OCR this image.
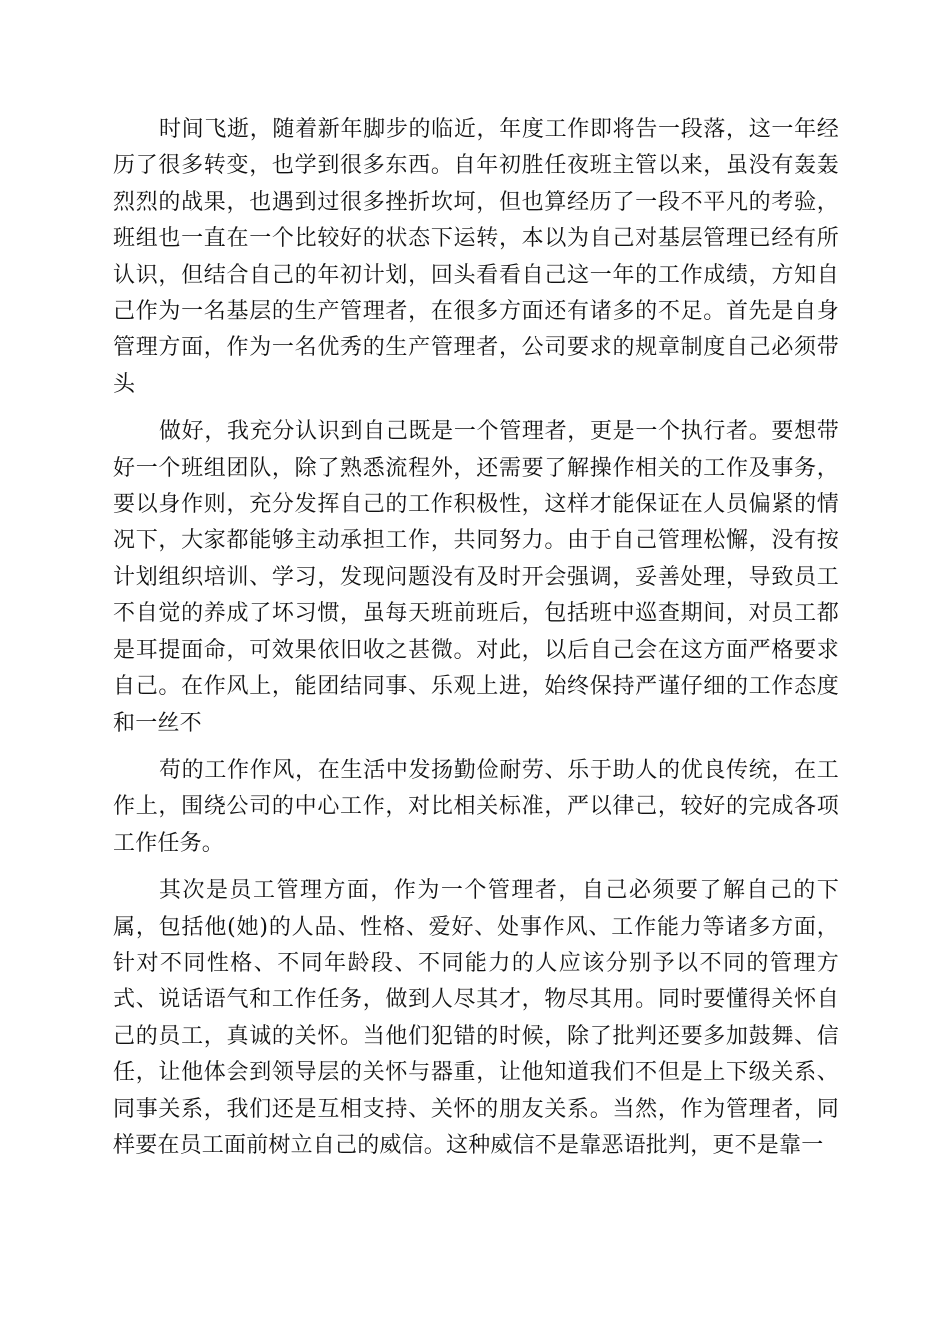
时间飞逝，随着新年脚步的临近，年度工作即将告一段落，这一年经历了很多转变，也学到很多东西。自年初胜任夜班主管以来，虽没有轰轰烈烈的战果，也遇到过很多挫折坎坷，但也算经历了一段不平凡的考验，班组也一直在一个比较好的状态下运转，本以为自己对基层管理已经有所认识，但结合自己的年初计划，回头看看自己这一年的工作成绩，方知自己作为一名基层的生产管理者，在很多方面还有诸多的不足。首先是自身管理方面，作为一名优秀的生产管理者，公司要求的规章制度自己必须带头

做好，我充分认识到自己既是一个管理者，更是一个执行者。要想带好一个班组团队，除了熟悉流程外，还需要了解操作相关的工作及事务，要以身作则，充分发挥自己的工作积极性，这样才能保证在人员偏紧的情况下，大家都能够主动承担工作，共同努力。由于自己管理松懈，没有按计划组织培训、学习，发现问题没有及时开会强调，妥善处理，导致员工不自觉的养成了坏习惯，虽每天班前班后，包括班中巡查期间，对员工都是耳提面命，可效果依旧收之甚微。对此，以后自己会在这方面严格要求自己。在作风上，能团结同事、乐观上进，始终保持严谨仔细的工作态度和一丝不

苟的工作作风，在生活中发扬勤俭耐劳、乐于助人的优良传统，在工作上，围绕公司的中心工作，对比相关标准，严以律己，较好的完成各项工作任务。

其次是员工管理方面，作为一个管理者，自己必须要了解自己的下属，包括他(她)的人品、性格、爱好、处事作风、工作能力等诸多方面，针对不同性格、不同年龄段、不同能力的人应该分别予以不同的管理方式、说话语气和工作任务，做到人尽其才，物尽其用。同时要懂得关怀自己的员工，真诚的关怀。当他们犯错的时候，除了批判还要多加鼓舞、信任，让他体会到领导层的关怀与器重，让他知道我们不但是上下级关系、同事关系，我们还是互相支持、关怀的朋友关系。当然，作为管理者，同样要在员工面前树立自己的威信。这种威信不是靠恶语批判，更不是靠一
